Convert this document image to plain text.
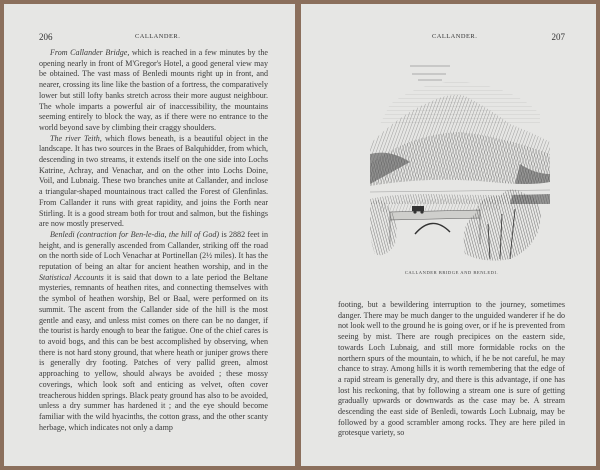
206	CALLANDER.

From Callander Bridge, which is reached in a few minutes by the opening nearly in front of M'Gregor's Hotel, a good general view may be obtained. The vast mass of Benledi mounts right up in front, and nearer, crossing its line like the bastion of a fortress, the comparatively lower but still lofty banks stretch across their more august neighbour. The whole imparts a powerful air of inaccessibility, the mountains seeming entirely to block the way, as if there were no entrance to the world beyond save by climbing their craggy shoulders.

The river Teith, which flows beneath, is a beautiful object in the landscape. It has two sources in the Braes of Balquhidder, from which, descending in two streams, it extends itself on the one side into Lochs Katrine, Achray, and Venachar, and on the other into Lochs Doine, Voil, and Lubnaig. These two branches unite at Callander, and inclose a triangular-shaped mountainous tract called the Forest of Glenfinlas. From Callander it runs with great rapidity, and joins the Forth near Stirling. It is a good stream both for trout and salmon, but the fishings are now mostly preserved.

Benledi (contraction for Ben-le-dia, the hill of God) is 2882 feet in height, and is generally ascended from Callander, striking off the road on the north side of Loch Venachar at Portinellan (2½ miles). It has the reputation of being an altar for ancient heathen worship, and in the Statistical Accounts it is said that down to a late period the Beltane mysteries, remnants of heathen rites, and connecting themselves with the symbol of heathen worship, Bel or Baal, were performed on its summit. The ascent from the Callander side of the hill is the most gentle and easy, and unless mist comes on there can be no danger, if the tourist is hardy enough to bear the fatigue. One of the chief cares is to avoid bogs, and this can be best accomplished by observing, when there is not hard stony ground, that where heath or juniper grows there is generally dry footing. Patches of very pallid green, almost approaching to yellow, should always be avoided ; these mossy coverings, which look soft and enticing as velvet, often cover treacherous hidden springs. Black peaty ground has also to be avoided, unless a dry summer has hardened it ; and the eye should become familiar with the wild hyacinths, the cotton grass, and the other scanty herbage, which indicates not only a damp

CALLANDER.	207
CALLANDER BRIDGE AND BENLEDI.

footing, but a bewildering interruption to the journey, sometimes danger. There may be much danger to the unguided wanderer if he do not look well to the ground he is going over, or if he is prevented from seeing by mist. There are rough precipices on the eastern side, towards Loch Lubnaig, and still more formidable rocks on the northern spurs of the mountain, to which, if he be not careful, he may chance to stray. Among hills it is worth remembering that the edge of a rapid stream is generally dry, and there is this advantage, if one has lost his reckoning, that by following a stream one is sure of getting gradually upwards or downwards as the case may be. A stream descending the east side of Benledi, towards Loch Lubnaig, may be followed by a good scrambler among rocks. They are here piled in grotesque variety, so
